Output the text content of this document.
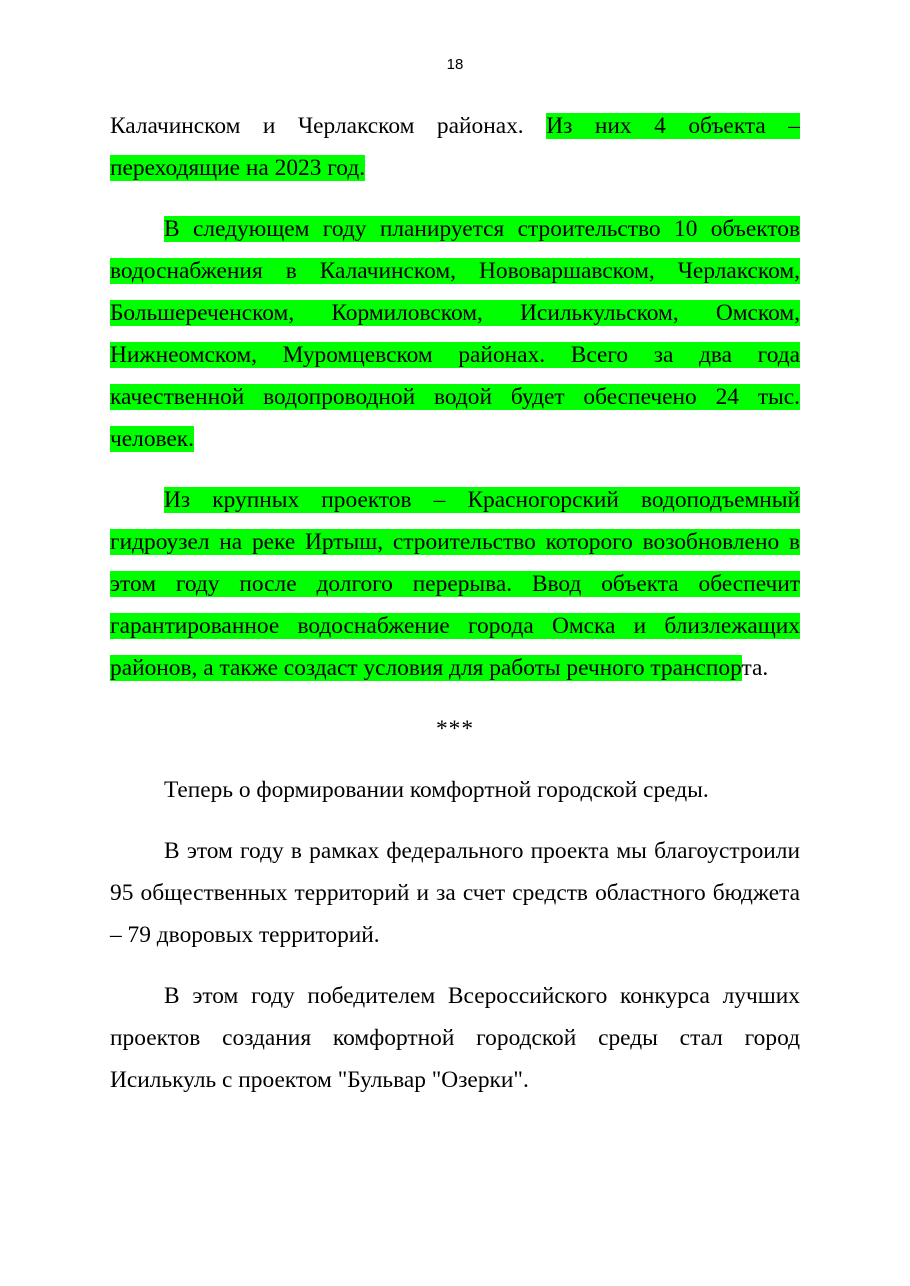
18

Калачинском и Черлакском районах. Из них 4 объекта – переходящие на 2023 год.

В следующем году планируется строительство 10 объектов водоснабжения в Калачинском, Нововаршавском, Черлакском, Большереченском, Кормиловском, Исилькульском, Омском, Нижнеомском, Муромцевском районах. Всего за два года качественной водопроводной водой будет обеспечено 24 тыс. человек.

Из крупных проектов – Красногорский водоподъемный гидроузел на реке Иртыш, строительство которого возобновлено в этом году после долгого перерыва. Ввод объекта обеспечит гарантированное водоснабжение города Омска и близлежащих районов, а также создаст условия для работы речного транспорта.

***

Теперь о формировании комфортной городской среды.

В этом году в рамках федерального проекта мы благоустроили 95 общественных территорий и за счет средств областного бюджета – 79 дворовых территорий.

В этом году победителем Всероссийского конкурса лучших проектов создания комфортной городской среды стал город Исилькуль с проектом "Бульвар "Озерки".
